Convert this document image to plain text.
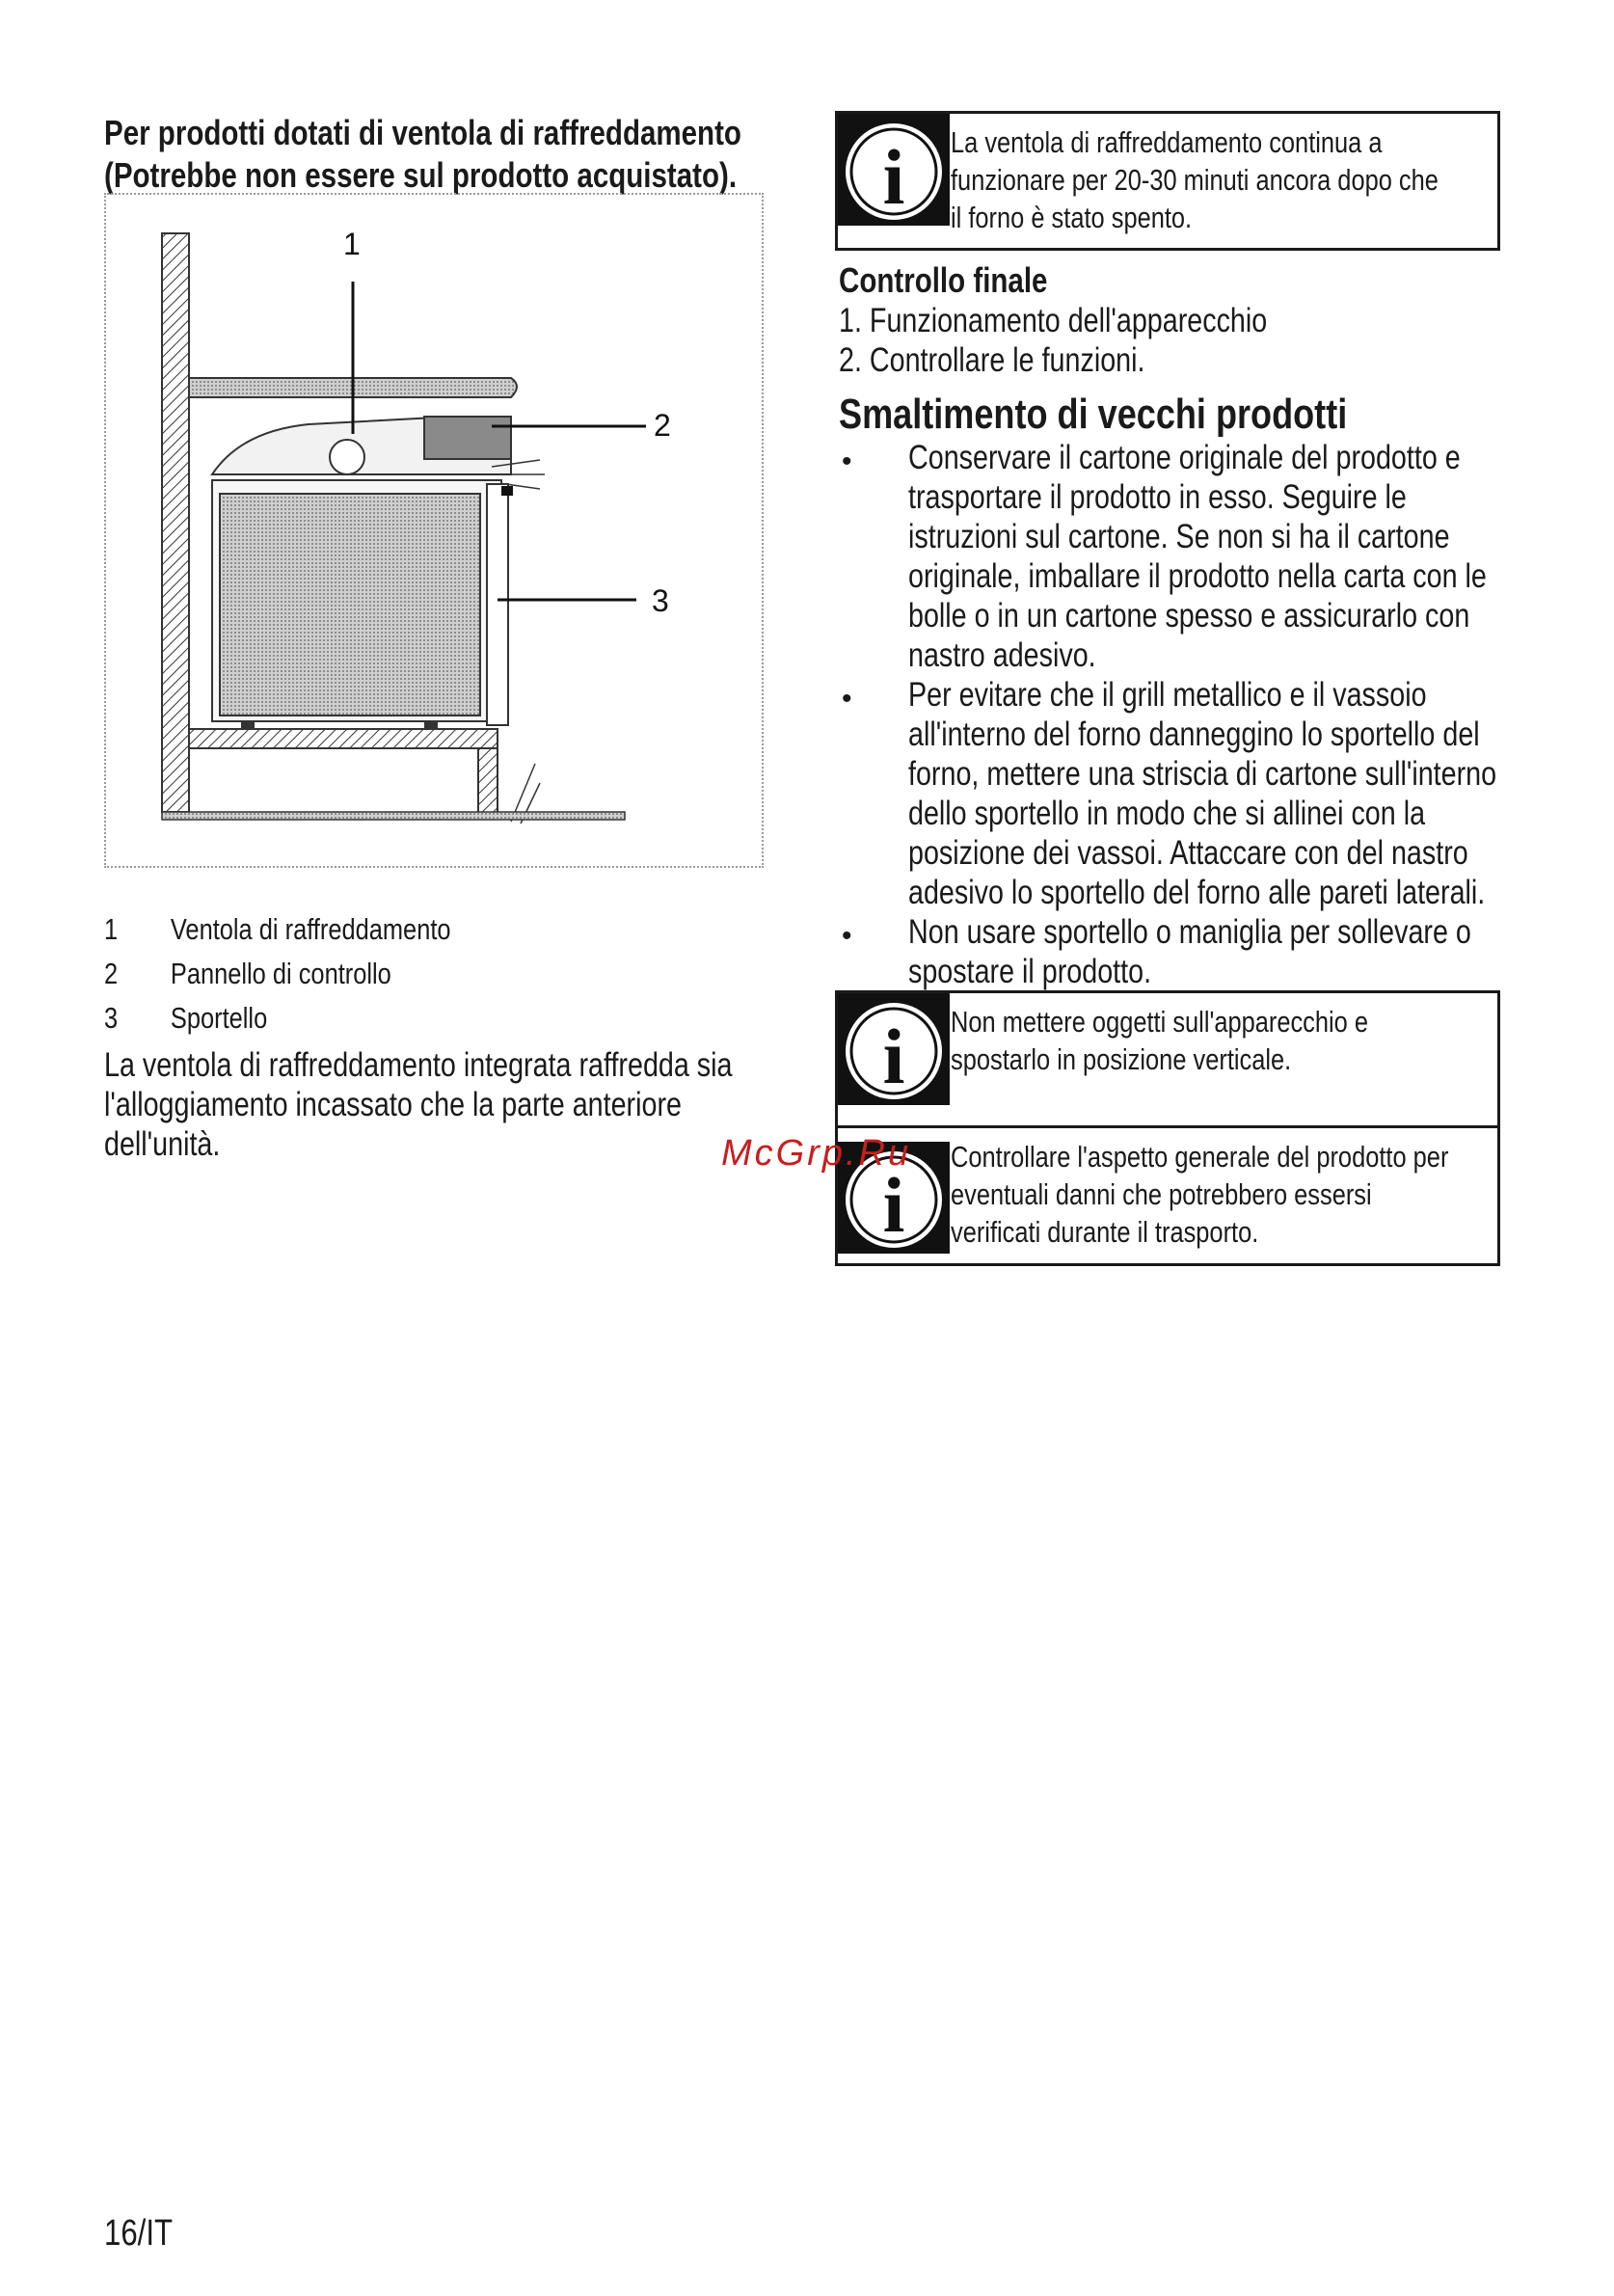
Per prodotti dotati di ventola di raffreddamento
(Potrebbe non essere sul prodotto acquistato).
1
2
3
1 Ventola di raffreddamento
2 Pannello di controllo
3 Sportello
La ventola di raffreddamento integrata raffredda sia
l'alloggiamento incassato che la parte anteriore
dell'unità.
i La ventola di raffreddamento continua a
funzionare per 20-30 minuti ancora dopo che
il forno è stato spento.
Controllo finale
1. Funzionamento dell'apparecchio
2. Controllare le funzioni.
Smaltimento di vecchi prodotti
• Conservare il cartone originale del prodotto e
trasportare il prodotto in esso. Seguire le
istruzioni sul cartone. Se non si ha il cartone
originale, imballare il prodotto nella carta con le
bolle o in un cartone spesso e assicurarlo con
nastro adesivo.
• Per evitare che il grill metallico e il vassoio
all'interno del forno danneggino lo sportello del
forno, mettere una striscia di cartone sull'interno
dello sportello in modo che si allinei con la
posizione dei vassoi. Attaccare con del nastro
adesivo lo sportello del forno alle pareti laterali.
• Non usare sportello o maniglia per sollevare o
spostare il prodotto.
i Non mettere oggetti sull'apparecchio e
spostarlo in posizione verticale.
i
Controllare l'aspetto generale del prodotto per
eventuali danni che potrebbero essersi
verificati durante il trasporto.
McGrp.Ru
16/IT
